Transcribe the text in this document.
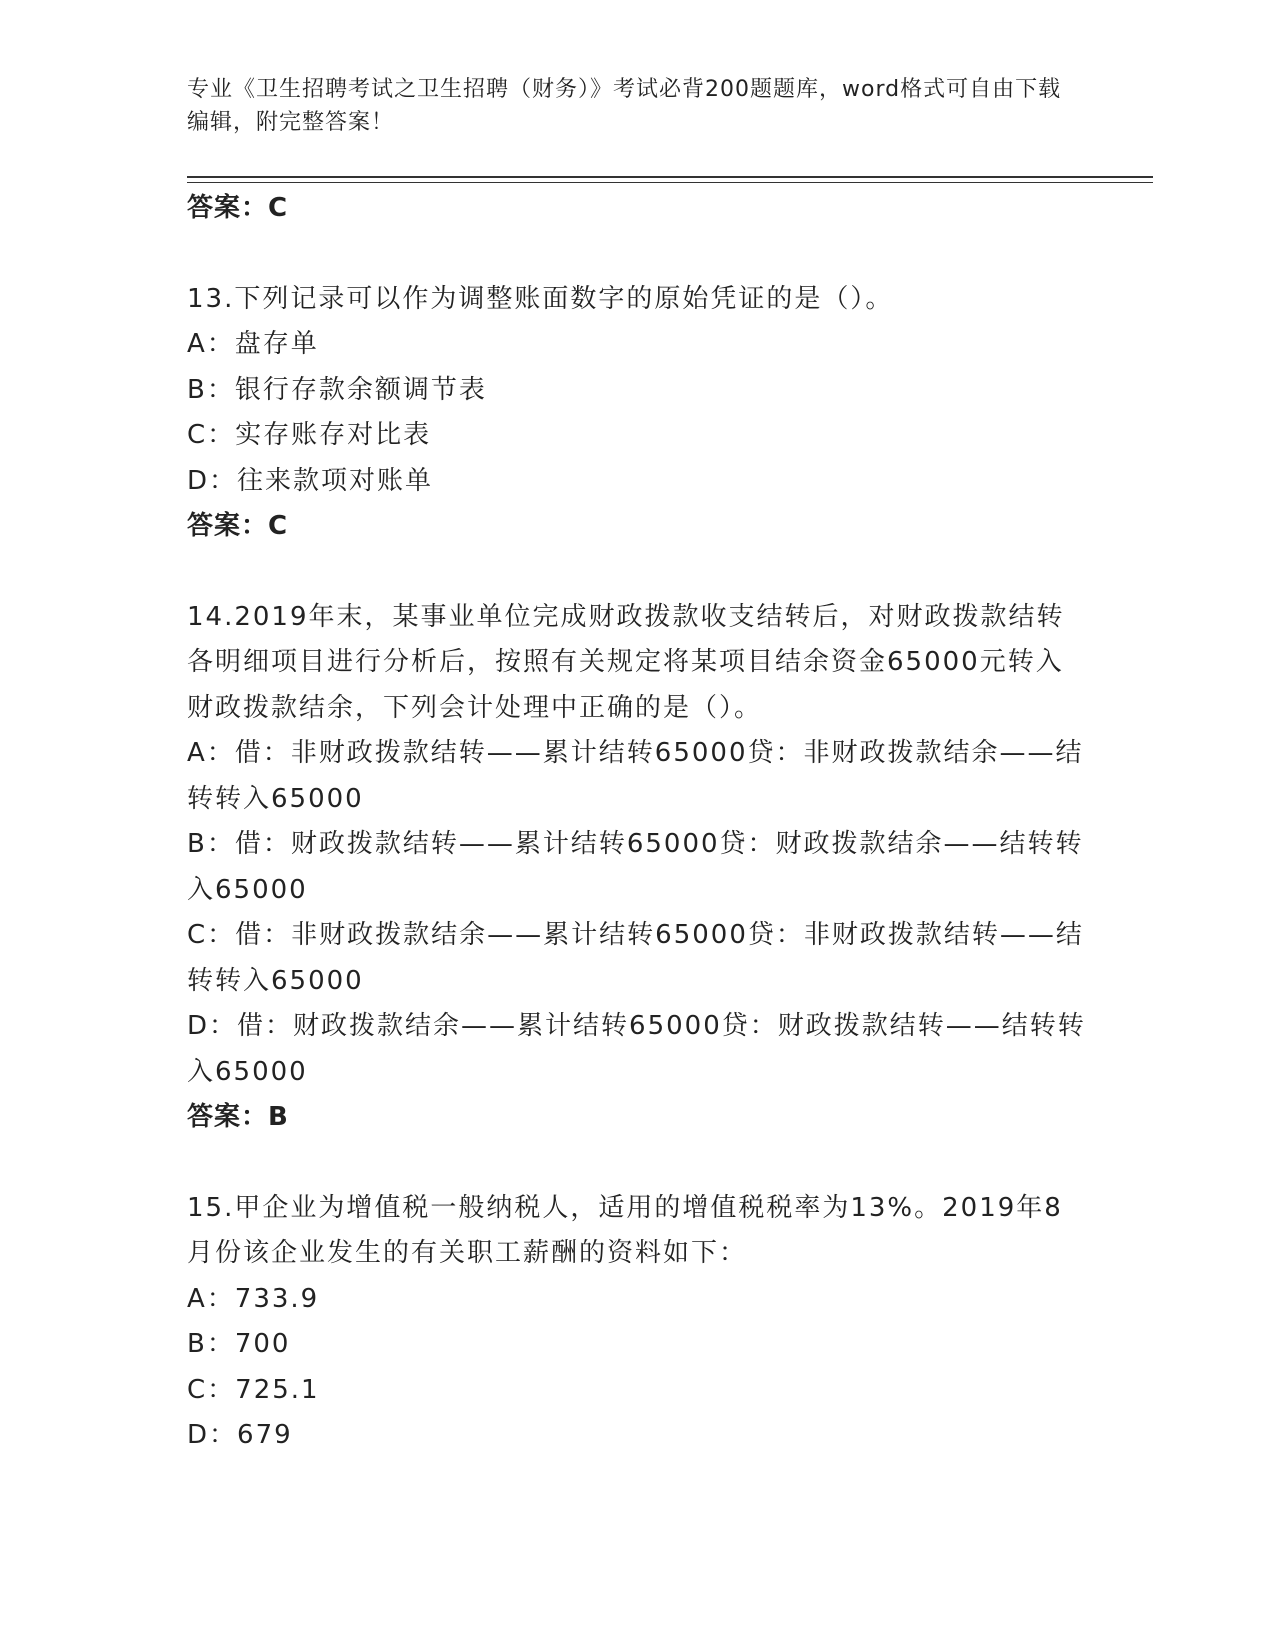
专业《卫生招聘考试之卫生招聘（财务）》考试必背200题题库，word格式可自由下载编辑，附完整答案！

答案：C

13.下列记录可以作为调整账面数字的原始凭证的是（）。

A：盘存单

B：银行存款余额调节表

C：实存账存对比表

D：往来款项对账单

答案：C

14.2019年末，某事业单位完成财政拨款收支结转后，对财政拨款结转各明细项目进行分析后，按照有关规定将某项目结余资金65000元转入财政拨款结余，下列会计处理中正确的是（）。

A：借：非财政拨款结转——累计结转65000贷：非财政拨款结余——结转转入65000

B：借：财政拨款结转——累计结转65000贷：财政拨款结余——结转转入65000

C：借：非财政拨款结余——累计结转65000贷：非财政拨款结转——结转转入65000

D：借：财政拨款结余——累计结转65000贷：财政拨款结转——结转转入65000

答案：B

15.甲企业为增值税一般纳税人，适用的增值税税率为13%。2019年8月份该企业发生的有关职工薪酬的资料如下：

A：733.9

B：700

C：725.1

D：679
